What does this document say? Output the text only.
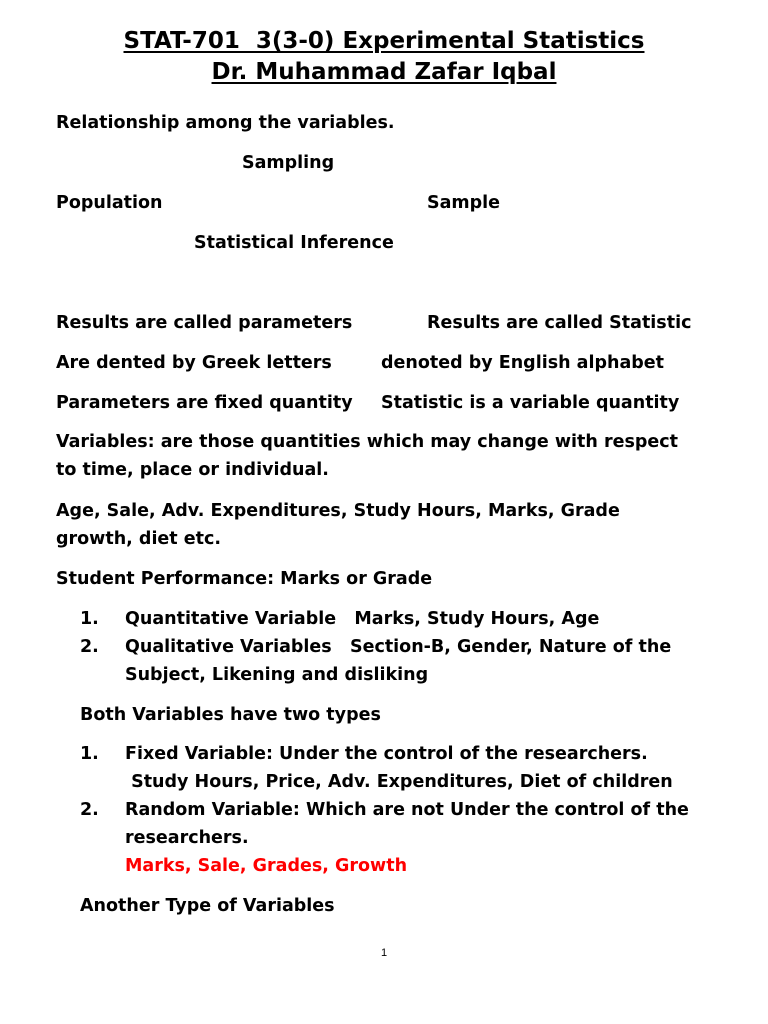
STAT-701  3(3-0) Experimental Statistics
Dr. Muhammad Zafar Iqbal
Relationship among the variables.
Sampling
Population	Sample
Statistical Inference
Results are called parameters	Results are called Statistic
Are dented by Greek letters	denoted by English alphabet
Parameters are fixed quantity Statistic is a variable quantity
Variables: are those quantities which may change with respect
to time, place or individual.
Age, Sale, Adv. Expenditures, Study Hours, Marks, Grade
growth, diet etc.
Student Performance: Marks or Grade
1. Quantitative Variable   Marks, Study Hours, Age
2. Qualitative Variables   Section-B, Gender, Nature of the
Subject, Likening and disliking
Both Variables have two types
1. Fixed Variable: Under the control of the researchers.
Study Hours, Price, Adv. Expenditures, Diet of children
2. Random Variable: Which are not Under the control of the
researchers.
Marks, Sale, Grades, Growth
Another Type of Variables
1
